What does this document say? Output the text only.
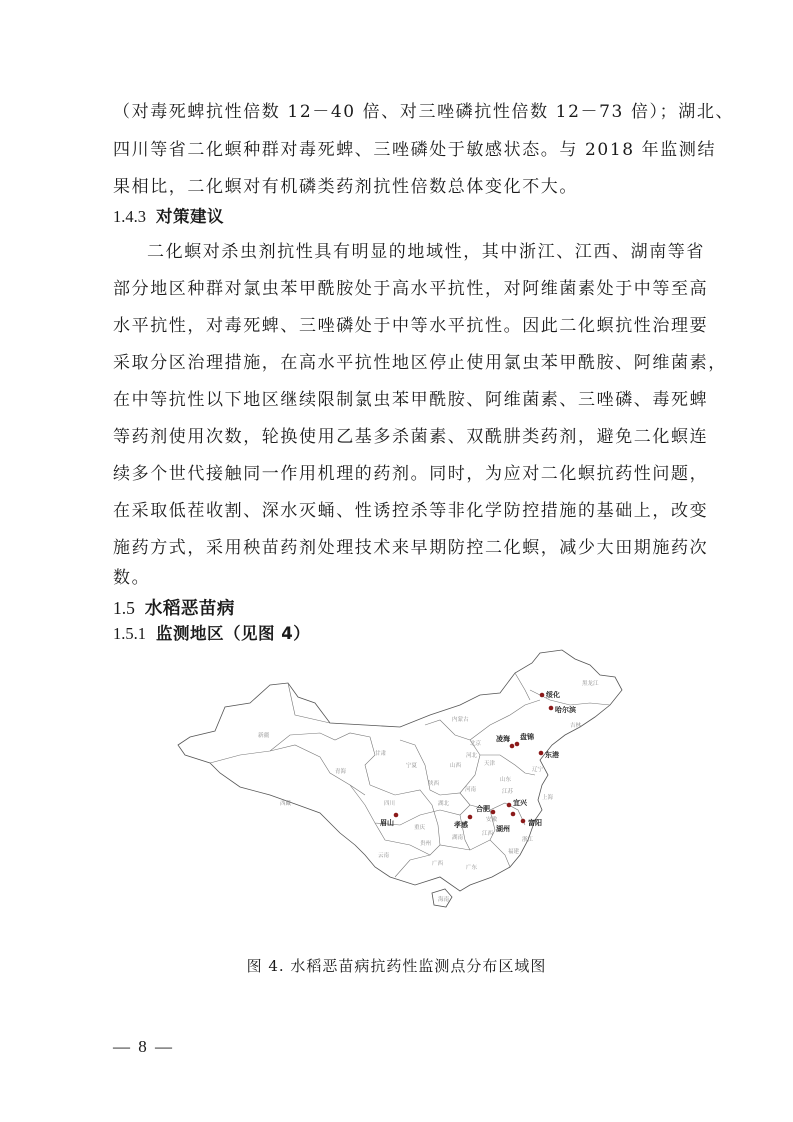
（对毒死蜱抗性倍数 12－40 倍、对三唑磷抗性倍数 12－73 倍）；湖北、
四川等省二化螟种群对毒死蜱、三唑磷处于敏感状态。与 2018 年监测结
果相比，二化螟对有机磷类药剂抗性倍数总体变化不大。
1.4.3 对策建议
二化螟对杀虫剂抗性具有明显的地域性，其中浙江、江西、湖南等省
部分地区种群对氯虫苯甲酰胺处于高水平抗性，对阿维菌素处于中等至高
水平抗性，对毒死蜱、三唑磷处于中等水平抗性。因此二化螟抗性治理要
采取分区治理措施，在高水平抗性地区停止使用氯虫苯甲酰胺、阿维菌素，
在中等抗性以下地区继续限制氯虫苯甲酰胺、阿维菌素、三唑磷、毒死蜱
等药剂使用次数，轮换使用乙基多杀菌素、双酰肼类药剂，避免二化螟连
续多个世代接触同一作用机理的药剂。同时，为应对二化螟抗药性问题，
在采取低茬收割、深水灭蛹、性诱控杀等非化学防控措施的基础上，改变
施药方式，采用秧苗药剂处理技术来早期防控二化螟，减少大田期施药次
数。
1.5 水稻恶苗病
1.5.1 监测地区（见图 4）
黑龙江
吉林
内蒙古
新疆
青海
西藏
甘肃
宁夏
陕西
山西
河北
北京
天津
辽宁
山东
河南
四川
重庆
湖北
湖南
贵州
云南
广西
广东
江西
福建
安徽
江苏
上海
浙江
海南
绥化
哈尔滨
凌海 盘锦
东港
合肥
孝感
眉山
宜兴
湖州
富阳
图 4. 水稻恶苗病抗药性监测点分布区域图
— 8 —
